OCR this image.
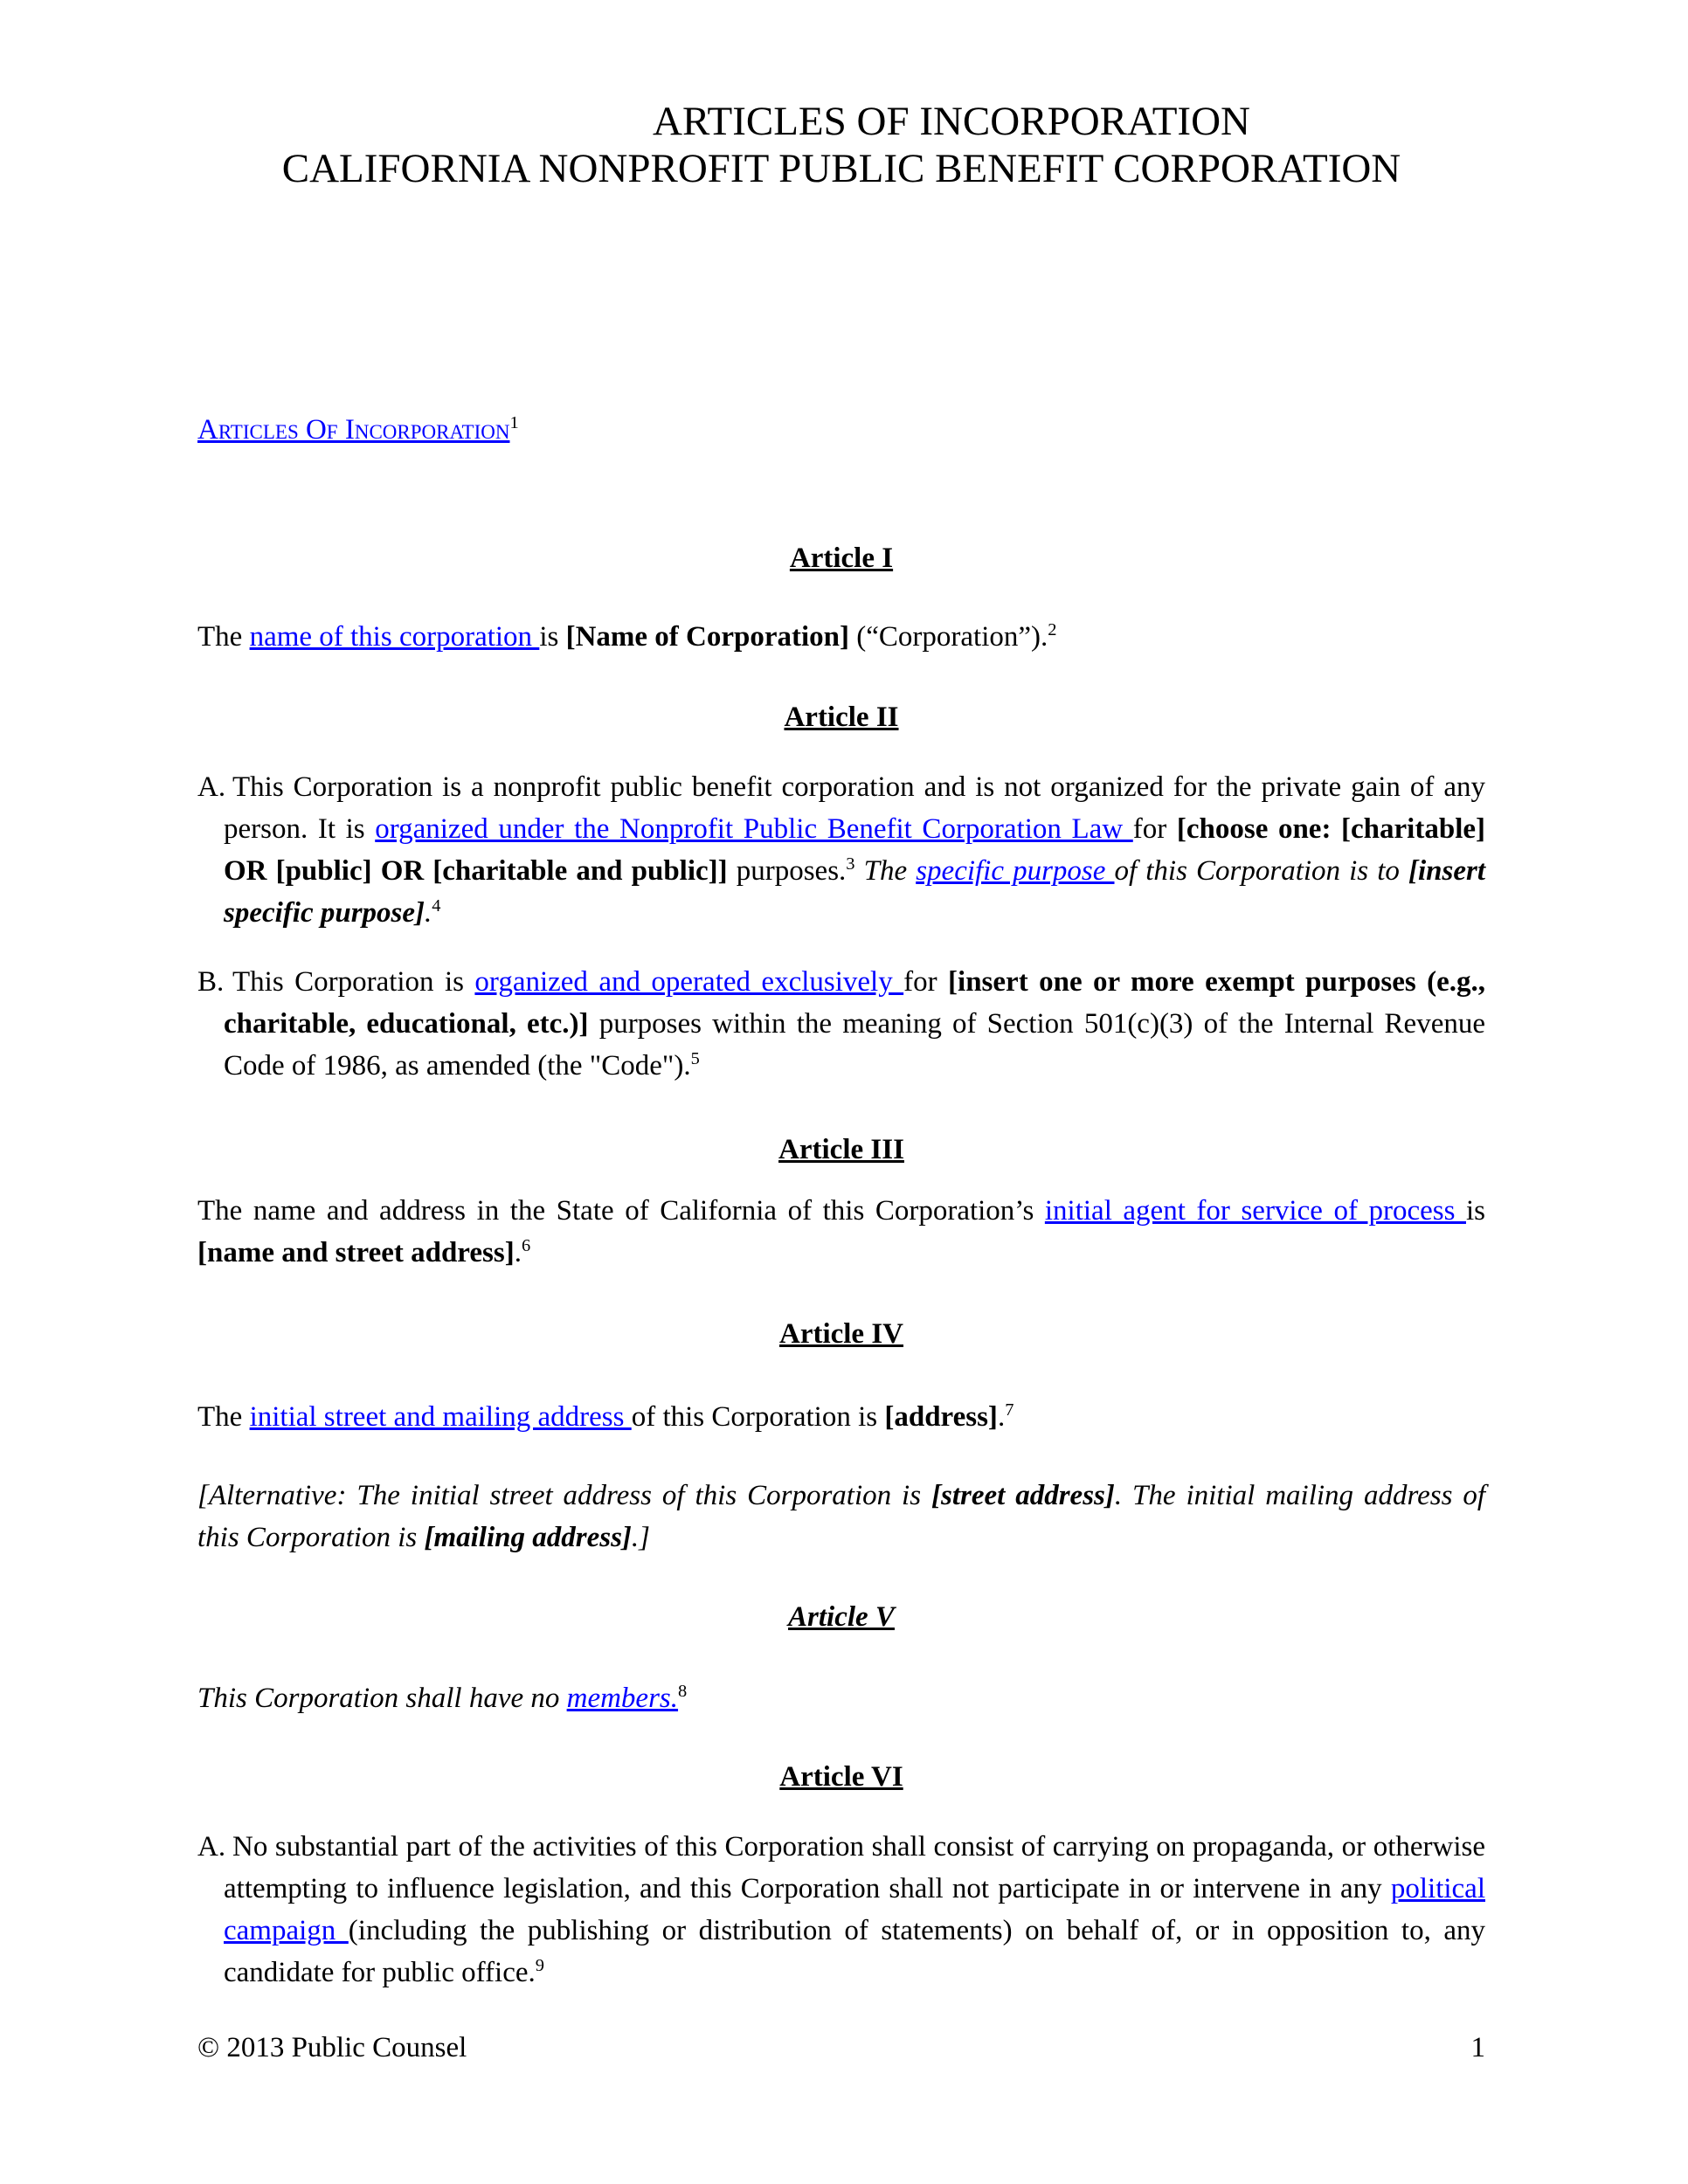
ARTICLES OF INCORPORATION
CALIFORNIA NONPROFIT PUBLIC BENEFIT CORPORATION

Articles Of Incorporation$^1$

Article I

The name of this corporation is [Name of Corporation] (“Corporation”).$^2$

Article II
A. This Corporation is a nonprofit public benefit corporation and is not organized for the private gain of any person. It is organized under the Nonprofit Public Benefit Corporation Law for [choose one: [charitable] OR [public] OR [charitable and public]] purposes.$^3$ The specific purpose of this Corporation is to [insert specific purpose].$^4$

B. This Corporation is organized and operated exclusively for [insert one or more exempt purposes (e.g., charitable, educational, etc.)] purposes within the meaning of Section 501(c)(3) of the Internal Revenue Code of 1986, as amended (the "Code").$^5$

Article III

The name and address in the State of California of this Corporation’s initial agent for service of process is [name and street address].$^6$

Article IV

The initial street and mailing address of this Corporation is [address].$^7$

[Alternative: The initial street address of this Corporation is [street address]. The initial mailing address of this Corporation is [mailing address].]

Article V

This Corporation shall have no members.$^8$

Article VI
A. No substantial part of the activities of this Corporation shall consist of carrying on propaganda, or otherwise attempting to influence legislation, and this Corporation shall not participate in or intervene in any political campaign (including the publishing or distribution of statements) on behalf of, or in opposition to, any candidate for public office.$^9$

© 2013 Public Counsel	1
